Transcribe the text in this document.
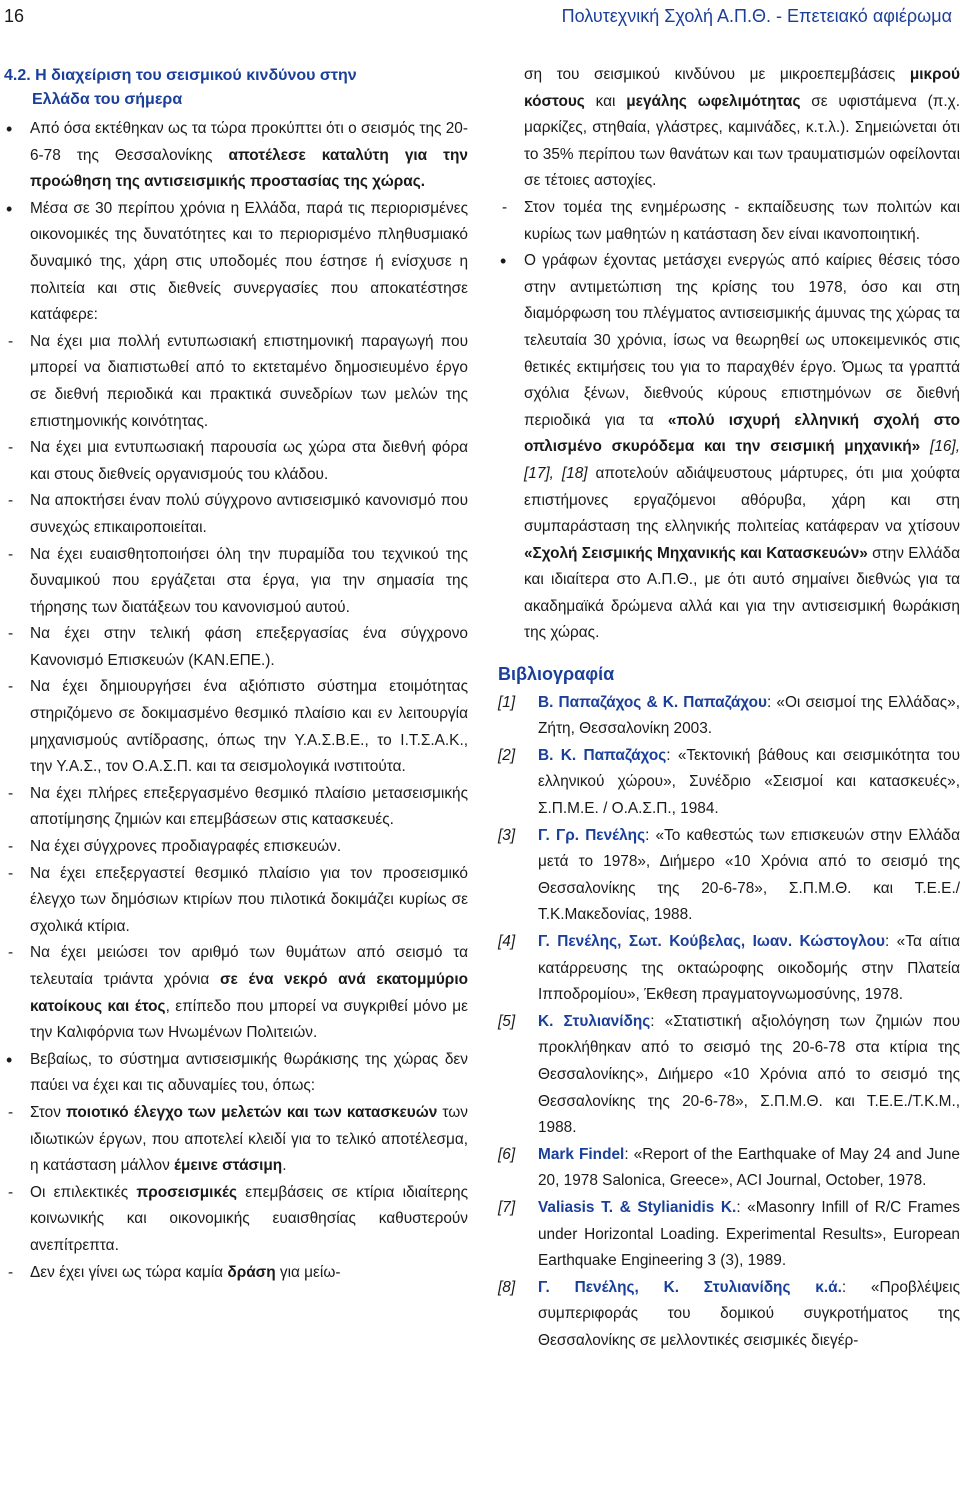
16	Πολυτεχνική Σχολή Α.Π.Θ. - Επετειακό αφιέρωμα

4.2. Η διαχείριση του σεισμικού κινδύνου στην
Ελλάδα του σήμερα

• Από όσα εκτέθηκαν ως τα τώρα προκύπτει ότι ο σεισμός της 20-6-78 της Θεσσαλονίκης αποτέλεσε καταλύτη για την προώθηση της αντισεισμικής προστασίας της χώρας.

• Μέσα σε 30 περίπου χρόνια η Ελλάδα, παρά τις περιορισμένες οικονομικές της δυνατότητες και το περιορισμένο πληθυσμιακό δυναμικό της, χάρη στις υποδομές που έστησε ή ενίσχυσε η πολιτεία και στις διεθνείς συνεργασίες που αποκατέστησε κατάφερε:

- Να έχει μια πολλή εντυπωσιακή επιστημονική παραγωγή που μπορεί να διαπιστωθεί από το εκτεταμένο δημοσιευμένο έργο σε διεθνή περιοδικά και πρακτικά συνεδρίων των μελών της επιστημονικής κοινότητας.

- Να έχει μια εντυπωσιακή παρουσία ως χώρα στα διεθνή φόρα και στους διεθνείς οργανισμούς του κλάδου.

- Να αποκτήσει έναν πολύ σύγχρονο αντισεισμικό κανονισμό που συνεχώς επικαιροποιείται.

- Να έχει ευαισθητοποιήσει όλη την πυραμίδα του τεχνικού της δυναμικού που εργάζεται στα έργα, για την σημασία της τήρησης των διατάξεων του κανονισμού αυτού.

- Να έχει στην τελική φάση επεξεργασίας ένα σύγχρονο Κανονισμό Επισκευών (ΚΑΝ.ΕΠΕ.).

- Να έχει δημιουργήσει ένα αξιόπιστο σύστημα ετοιμότητας στηριζόμενο σε δοκιμασμένο θεσμικό πλαίσιο και εν λειτουργία μηχανισμούς αντίδρασης, όπως την Υ.Α.Σ.Β.Ε., το Ι.Τ.Σ.Α.Κ., την Υ.Α.Σ., τον Ο.Α.Σ.Π. και τα σεισμολογικά ινστιτούτα.

- Να έχει πλήρες επεξεργασμένο θεσμικό πλαίσιο μετασεισμικής αποτίμησης ζημιών και επεμβάσεων στις κατασκευές.

- Να έχει σύγχρονες προδιαγραφές επισκευών.

- Να έχει επεξεργαστεί θεσμικό πλαίσιο για τον προσεισμικό έλεγχο των δημόσιων κτιρίων που πιλοτικά δοκιμάζει κυρίως σε σχολικά κτίρια.

- Να έχει μειώσει τον αριθμό των θυμάτων από σεισμό τα τελευταία τριάντα χρόνια σε ένα νεκρό ανά εκατομμύριο κατοίκους και έτος, επίπεδο που μπορεί να συγκριθεί μόνο με την Καλιφόρνια των Ηνωμένων Πολιτειών.

• Βεβαίως, το σύστημα αντισεισμικής θωράκισης της χώρας δεν παύει να έχει και τις αδυναμίες του, όπως:

- Στον ποιοτικό έλεγχο των μελετών και των κατασκευών των ιδιωτικών έργων, που αποτελεί κλειδί για το τελικό αποτέλεσμα, η κατάσταση μάλλον έμεινε στάσιμη.

- Οι επιλεκτικές προσεισμικές επεμβάσεις σε κτίρια ιδιαίτερης κοινωνικής και οικονομικής ευαισθησίας καθυστερούν ανεπίτρεπτα.

- Δεν έχει γίνει ως τώρα καμία δράση για μείω-

ση του σεισμικού κινδύνου με μικροεπεμβάσεις μικρού κόστους και μεγάλης ωφελιμότητας σε υφιστάμενα (π.χ. μαρκίζες, στηθαία, γλάστρες, καμινάδες, κ.τ.λ.). Σημειώνεται ότι το 35% περίπου των θανάτων και των τραυματισμών οφείλονται σε τέτοιες αστοχίες.

- Στον τομέα της ενημέρωσης - εκπαίδευσης των πολιτών και κυρίως των μαθητών η κατάσταση δεν είναι ικανοποιητική.

• Ο γράφων έχοντας μετάσχει ενεργώς από καίριες θέσεις τόσο στην αντιμετώπιση της κρίσης του 1978, όσο και στη διαμόρφωση του πλέγματος αντισεισμικής άμυνας της χώρας τα τελευταία 30 χρόνια, ίσως να θεωρηθεί ως υποκειμενικός στις θετικές εκτιμήσεις του για το παραχθέν έργο. Όμως τα γραπτά σχόλια ξένων, διεθνούς κύρους επιστημόνων σε διεθνή περιοδικά για τα «πολύ ισχυρή ελληνική σχολή στο οπλισμένο σκυρόδεμα και την σεισμική μηχανική» [16], [17], [18] αποτελούν αδιάψευστους μάρτυρες, ότι μια χούφτα επιστήμονες εργαζόμενοι αθόρυβα, χάρη και στη συμπαράσταση της ελληνικής πολιτείας κατάφεραν να χτίσουν «Σχολή Σεισμικής Μηχανικής και Κατασκευών» στην Ελλάδα και ιδιαίτερα στο Α.Π.Θ., με ότι αυτό σημαίνει διεθνώς για τα ακαδημαϊκά δρώμενα αλλά και για την αντισεισμική θωράκιση της χώρας.

Βιβλιογραφία

[1] Β. Παπαζάχος & Κ. Παπαζάχου: «Οι σεισμοί της Ελλάδας», Ζήτη, Θεσσαλονίκη 2003.

[2] Β. Κ. Παπαζάχος: «Τεκτονική βάθους και σεισμικότητα του ελληνικού χώρου», Συνέδριο «Σεισμοί και κατασκευές», Σ.Π.Μ.Ε. / Ο.Α.Σ.Π., 1984.

[3] Γ. Γρ. Πενέλης: «Το καθεστώς των επισκευών στην Ελλάδα μετά το 1978», Διήμερο «10 Χρόνια από το σεισμό της Θεσσαλονίκης της 20-6-78», Σ.Π.Μ.Θ. και Τ.Ε.Ε./Τ.Κ.Μακεδονίας, 1988.

[4] Γ. Πενέλης, Σωτ. Κούβελας, Ιωαν. Κώστογλου: «Τα αίτια κατάρρευσης της οκταώροφης οικοδομής στην Πλατεία Ιπποδρομίου», Έκθεση πραγματογνωμοσύνης, 1978.

[5] Κ. Στυλιανίδης: «Στατιστική αξιολόγηση των ζημιών που προκλήθηκαν από το σεισμό της 20-6-78 στα κτίρια της Θεσσαλονίκης», Διήμερο «10 Χρόνια από το σεισμό της Θεσσαλονίκης της 20-6-78», Σ.Π.Μ.Θ. και Τ.Ε.Ε./Τ.Κ.Μ., 1988.

[6] Mark Findel: «Report of the Earthquake of May 24 and June 20, 1978 Salonica, Greece», ACI Journal, October, 1978.

[7] Valiasis T. & Stylianidis K.: «Masonry Infill of R/C Frames under Horizontal Loading. Experimental Results», European Earthquake Engineering 3 (3), 1989.

[8] Γ. Πενέλης, Κ. Στυλιανίδης κ.ά.: «Προβλέψεις συμπεριφοράς του δομικού συγκροτήματος της Θεσσαλονίκης σε μελλοντικές σεισμικές διεγέρ-
